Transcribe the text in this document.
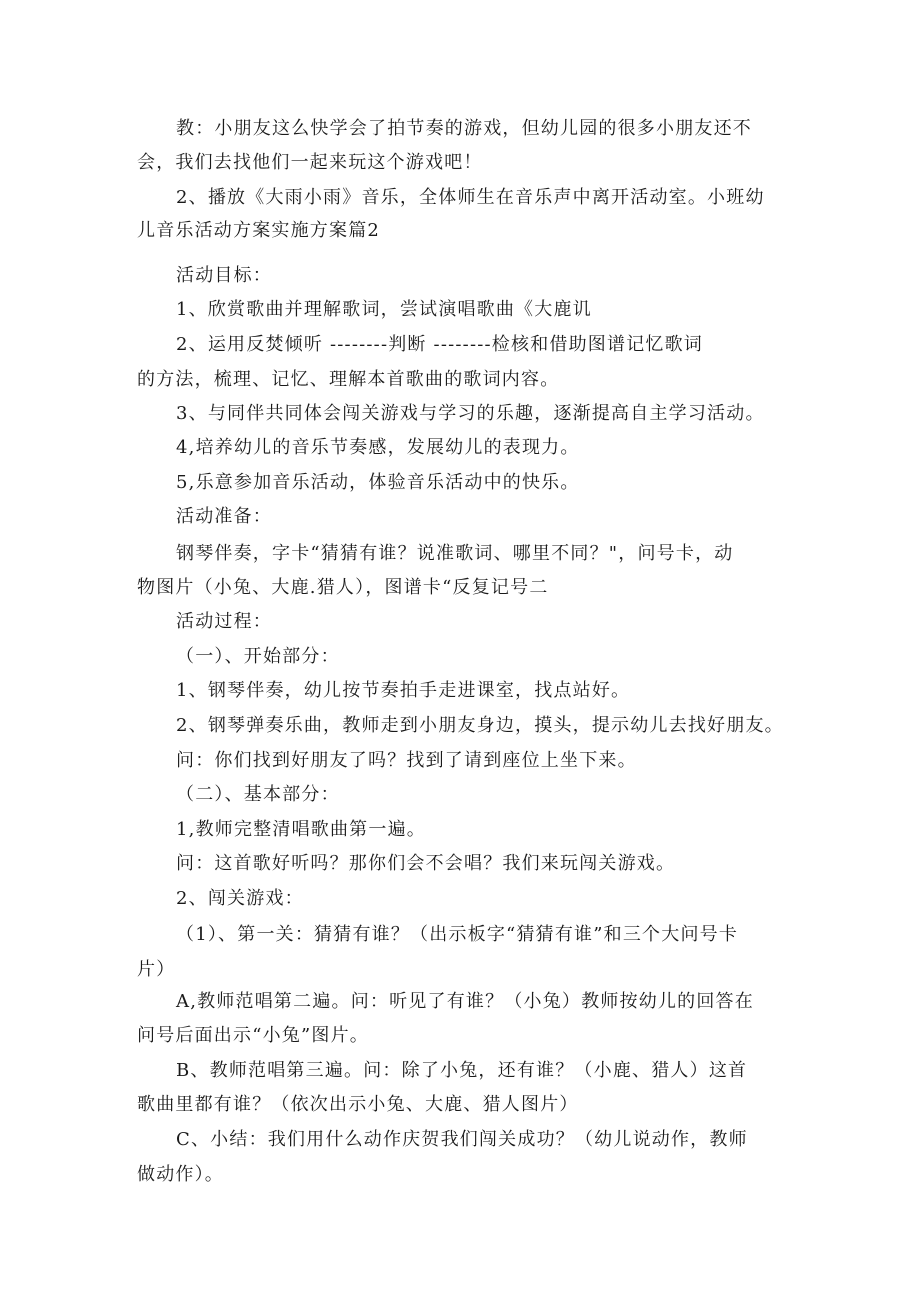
教：小朋友这么快学会了拍节奏的游戏，但幼儿园的很多小朋友还不
会，我们去找他们一起来玩这个游戏吧！
2、播放《大雨小雨》音乐，全体师生在音乐声中离开活动室。小班幼
儿音乐活动方案实施方案篇2
活动目标：
1、欣赏歌曲并理解歌词，尝试演唱歌曲《大鹿讥
2、运用反焚倾听 --------判断 --------检核和借助图谱记忆歌词
的方法，梳理、记忆、理解本首歌曲的歌词内容。
3、与同伴共同体会闯关游戏与学习的乐趣，逐渐提高自主学习活动。
4,培养幼儿的音乐节奏感，发展幼儿的表现力。
5,乐意参加音乐活动，体验音乐活动中的快乐。
活动准备：
钢琴伴奏，字卡“猜猜有谁？说准歌词、哪里不同？"，问号卡，动
物图片（小兔、大鹿.猎人），图谱卡“反复记号二
活动过程：
（一）、开始部分：
1、钢琴伴奏，幼儿按节奏拍手走进课室，找点站好。
2、钢琴弹奏乐曲，教师走到小朋友身边，摸头，提示幼儿去找好朋友。
问：你们找到好朋友了吗？找到了请到座位上坐下来。
（二）、基本部分：
1,教师完整清唱歌曲第一遍。
问：这首歌好听吗？那你们会不会唱？我们来玩闯关游戏。
2、闯关游戏：
（1）、第一关：猜猜有谁？（出示板字“猜猜有谁”和三个大问号卡
片）
A,教师范唱第二遍。问：听见了有谁？（小兔）教师按幼儿的回答在
问号后面出示“小兔”图片。
B、教师范唱第三遍。问：除了小兔，还有谁？（小鹿、猎人）这首
歌曲里都有谁？（依次出示小兔、大鹿、猎人图片）
C、小结：我们用什么动作庆贺我们闯关成功？（幼儿说动作，教师
做动作）。
